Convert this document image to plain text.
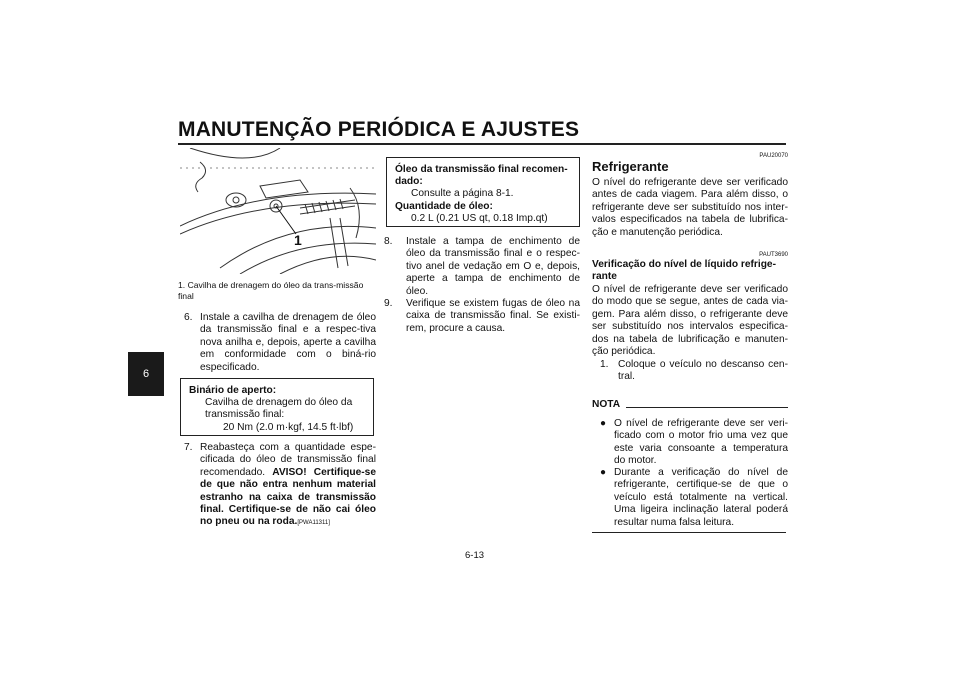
MANUTENÇÃO PERIÓDICA E AJUSTES
6
1
1. Cavilha de drenagem do óleo da trans-missão final
6. Instale a cavilha de drenagem de óleo da transmissão final e a respec-tiva nova anilha e, depois, aperte a cavilha em conformidade com o biná-rio especificado.
Binário de aperto:
Cavilha de drenagem do óleo da transmissão final:
20 Nm (2.0 m·kgf, 14.5 ft·lbf)
7. Reabasteça com a quantidade espe-cificada do óleo de transmissão final recomendado. AVISO! Certifique-se de que não entra nenhum material estranho na caixa de transmissão final. Certifique-se de não cai óleo no pneu ou na roda.[PWA11311]
Óleo da transmissão final recomen-dado:
Consulte a página 8-1.
Quantidade de óleo:
0.2 L (0.21 US qt, 0.18 Imp.qt)
8.	Instale a tampa de enchimento de óleo da transmissão final e o respec-tivo anel de vedação em O e, depois, aperte a tampa de enchimento de óleo.
9.	Verifique se existem fugas de óleo na caixa de transmissão final. Se existi-rem, procure a causa.
PAU20070
Refrigerante
O nível do refrigerante deve ser verificado antes de cada viagem. Para além disso, o refrigerante deve ser substituído nos inter-valos especificados na tabela de lubrifica-ção e manutenção periódica.
PAUT3690
Verificação do nível de líquido refrige-rante
O nível de refrigerante deve ser verificado do modo que se segue, antes de cada via-gem. Para além disso, o refrigerante deve ser substituído nos intervalos especifica-dos na tabela de lubrificação e manuten-ção periódica.
1. Coloque o veículo no descanso cen-tral.
NOTA
● O nível de refrigerante deve ser veri-ficado com o motor frio uma vez que este varia consoante a temperatura do motor.
● Durante a verificação do nível de refrigerante, certifique-se de que o veículo está totalmente na vertical. Uma ligeira inclinação lateral poderá resultar numa falsa leitura.
6-13
